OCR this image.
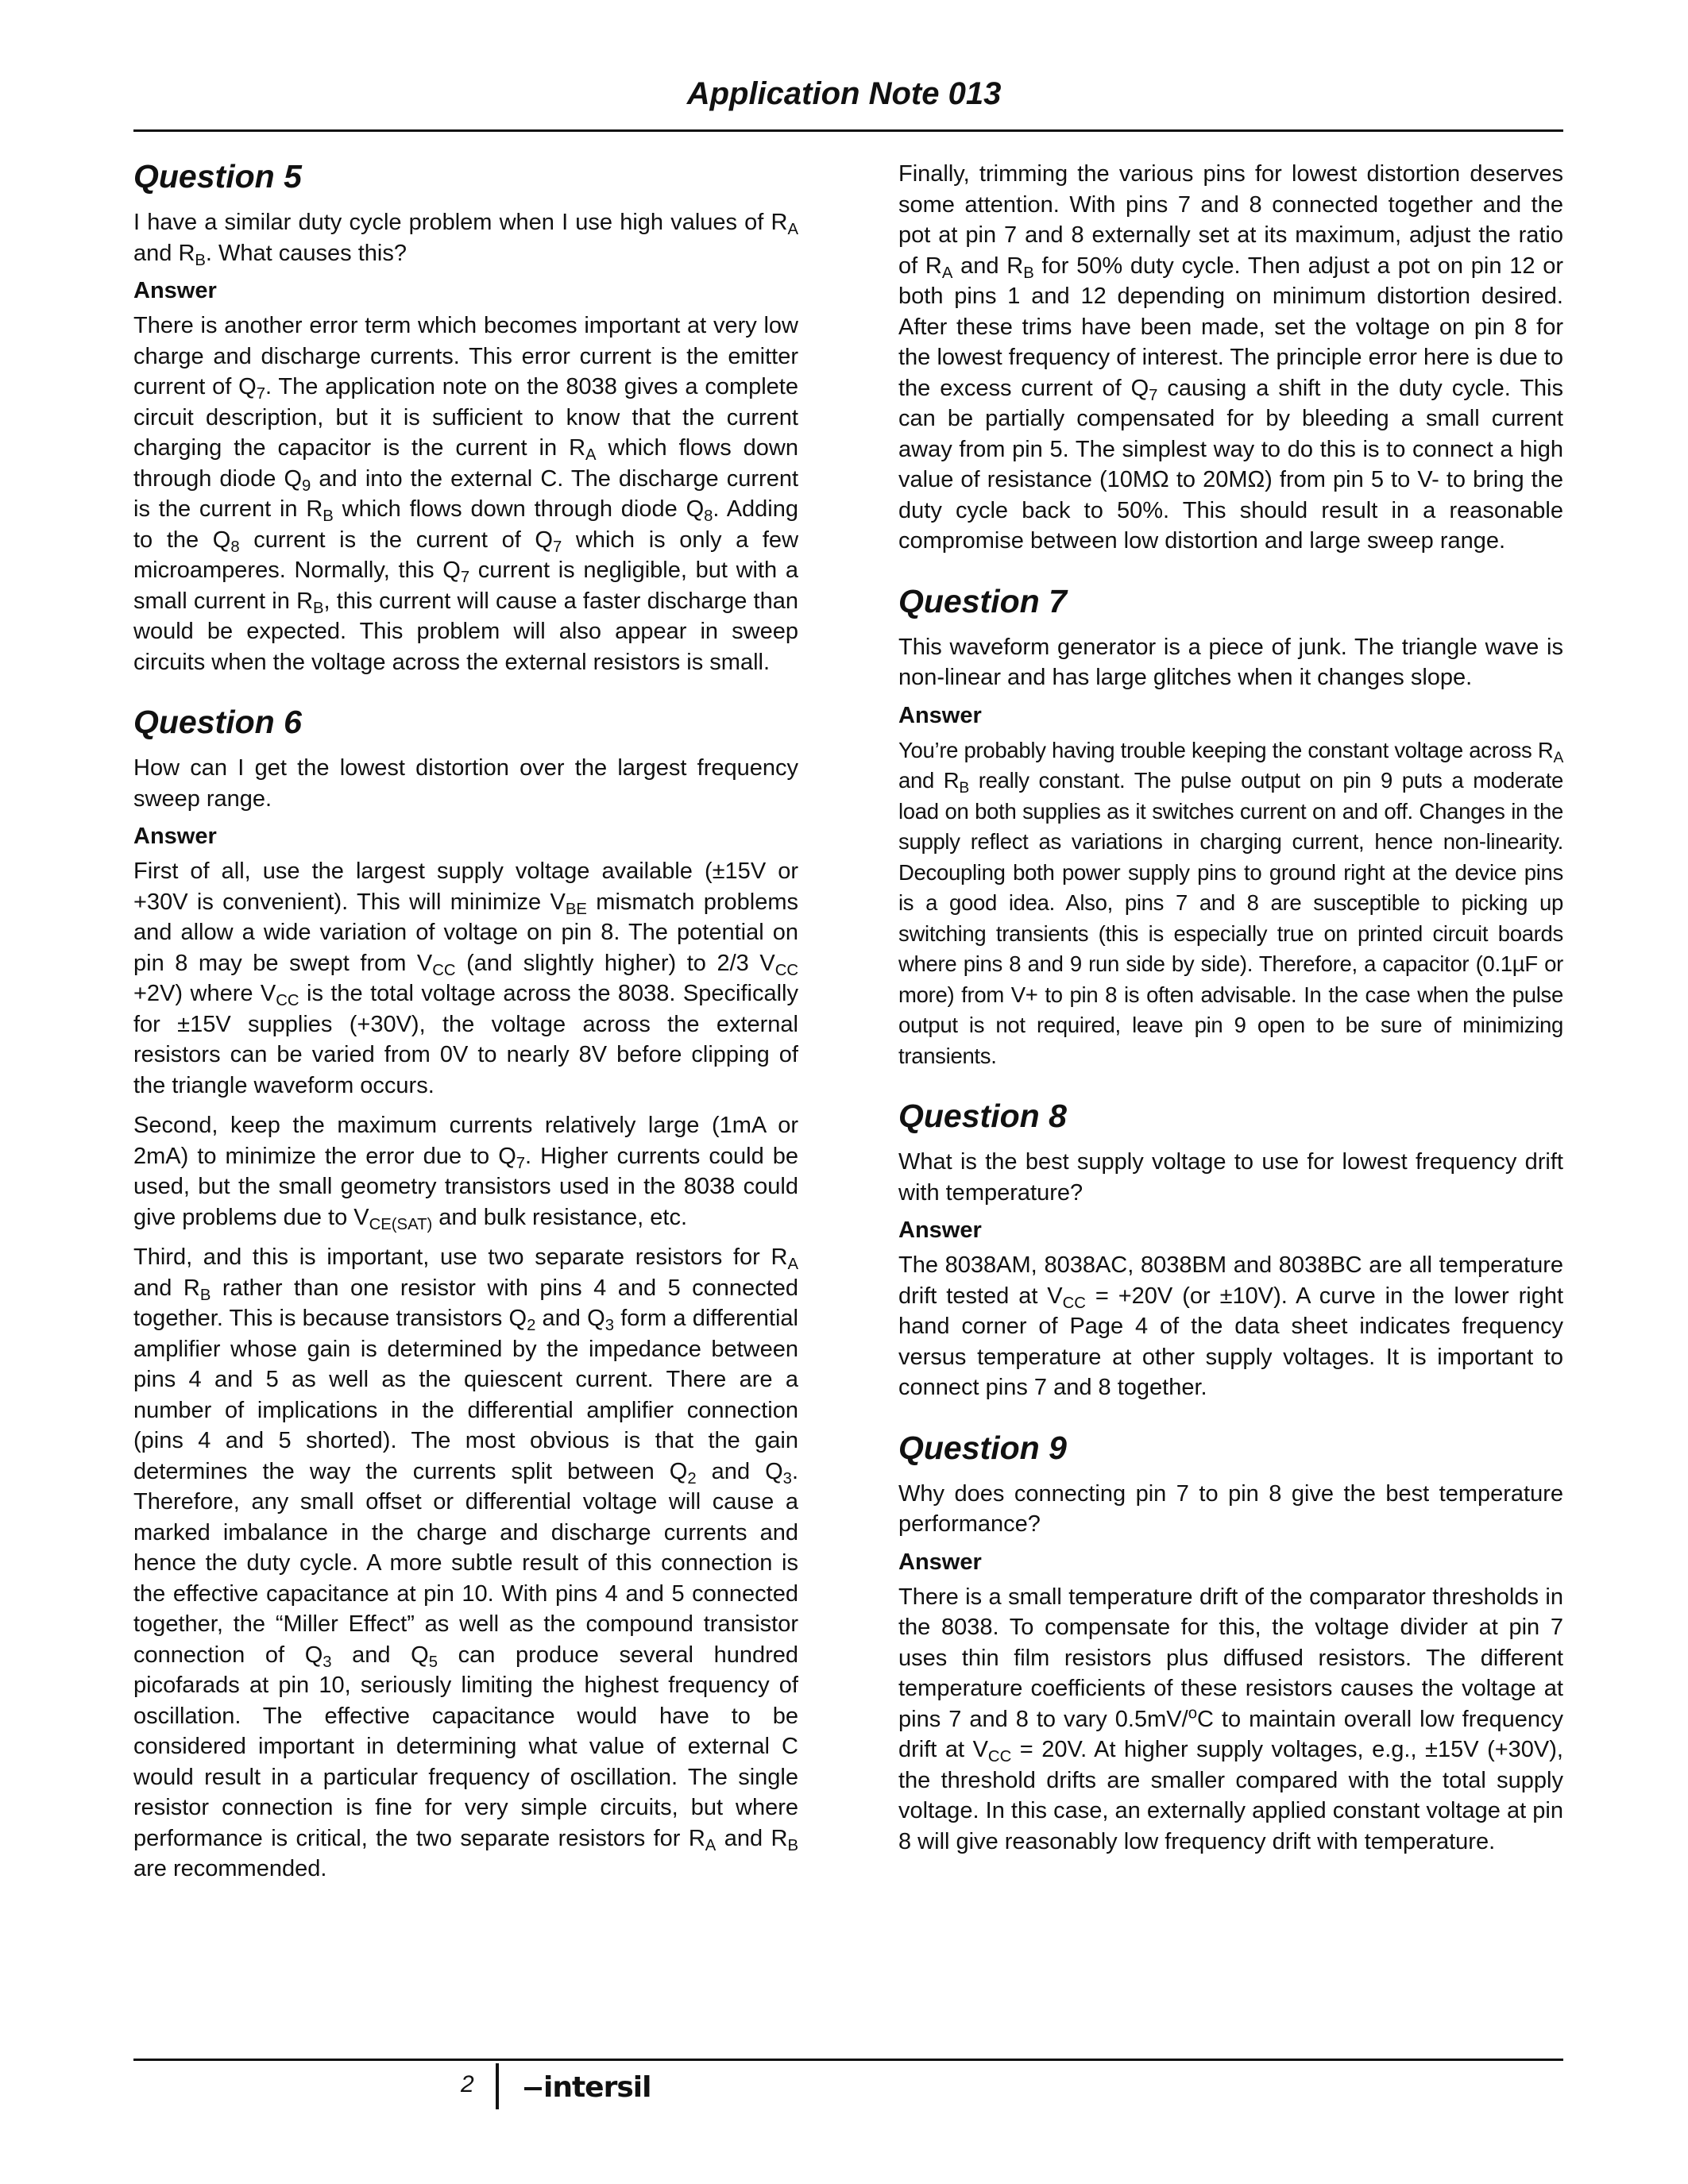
Application Note 013
Question 5

I have a similar duty cycle problem when I use high values of $R_A$ and $R_B$. What causes this?

Answer

There is another error term which becomes important at very low charge and discharge currents. This error current is the emitter current of $Q_7$. The application note on the 8038 gives a complete circuit description, but it is sufficient to know that the current charging the capacitor is the current in $R_A$ which flows down through diode $Q_9$ and into the external C. The discharge current is the current in $R_B$ which flows down through diode $Q_8$. Adding to the $Q_8$ current is the current of $Q_7$ which is only a few microamperes. Normally, this $Q_7$ current is negligible, but with a small current in $R_B$, this current will cause a faster discharge than would be expected. This problem will also appear in sweep circuits when the voltage across the external resistors is small.

Question 6

How can I get the lowest distortion over the largest frequency sweep range.

Answer

First of all, use the largest supply voltage available (±15V or +30V is convenient). This will minimize $V_{BE}$ mismatch problems and allow a wide variation of voltage on pin 8. The potential on pin 8 may be swept from $V_{CC}$ (and slightly higher) to 2/3 $V_{CC} +2V$) where $V_{CC}$ is the total voltage across the 8038. Specifically for ±15V supplies (+30V), the voltage across the external resistors can be varied from 0V to nearly 8V before clipping of the triangle waveform occurs.

Second, keep the maximum currents relatively large (1mA or 2mA) to minimize the error due to $Q_7$. Higher currents could be used, but the small geometry transistors used in the 8038 could give problems due to $V_{CE(SAT)}$ and bulk resistance, etc.

Third, and this is important, use two separate resistors for $R_A$ and $R_B$ rather than one resistor with pins 4 and 5 connected together. This is because transistors $Q_2$ and $Q_3$ form a differential amplifier whose gain is determined by the impedance between pins 4 and 5 as well as the quiescent current. There are a number of implications in the differential amplifier connection (pins 4 and 5 shorted). The most obvious is that the gain determines the way the currents split between $Q_2$ and $Q_3$. Therefore, any small offset or differential voltage will cause a marked imbalance in the charge and discharge currents and hence the duty cycle. A more subtle result of this connection is the effective capacitance at pin 10. With pins 4 and 5 connected together, the “Miller Effect” as well as the compound transistor connection of $Q_3$ and $Q_5$ can produce several hundred picofarads at pin 10, seriously limiting the highest frequency of oscillation. The effective capacitance would have to be considered important in determining what value of external C would result in a particular frequency of oscillation. The single resistor connection is fine for very simple circuits, but where performance is critical, the two separate resistors for $R_A$ and $R_B$ are recommended.

Finally, trimming the various pins for lowest distortion deserves some attention. With pins 7 and 8 connected together and the pot at pin 7 and 8 externally set at its maximum, adjust the ratio of $R_A$ and $R_B$ for 50% duty cycle. Then adjust a pot on pin 12 or both pins 1 and 12 depending on minimum distortion desired. After these trims have been made, set the voltage on pin 8 for the lowest frequency of interest. The principle error here is due to the excess current of $Q_7$ causing a shift in the duty cycle. This can be partially compensated for by bleeding a small current away from pin 5. The simplest way to do this is to connect a high value of resistance (10MΩ to 20MΩ) from pin 5 to V- to bring the duty cycle back to 50%. This should result in a reasonable compromise between low distortion and large sweep range.

Question 7

This waveform generator is a piece of junk. The triangle wave is non-linear and has large glitches when it changes slope.

Answer

You’re probably having trouble keeping the constant voltage across $R_A$ and $R_B$ really constant. The pulse output on pin 9 puts a moderate load on both supplies as it switches current on and off. Changes in the supply reflect as variations in charging current, hence non-linearity. Decoupling both power supply pins to ground right at the device pins is a good idea. Also, pins 7 and 8 are susceptible to picking up switching transients (this is especially true on printed circuit boards where pins 8 and 9 run side by side). Therefore, a capacitor (0.1µF or more) from V+ to pin 8 is often advisable. In the case when the pulse output is not required, leave pin 9 open to be sure of minimizing transients.

Question 8

What is the best supply voltage to use for lowest frequency drift with temperature?

Answer

The 8038AM, 8038AC, 8038BM and 8038BC are all temperature drift tested at $V_{CC} = +20V$ (or ±10V). A curve in the lower right hand corner of Page 4 of the data sheet indicates frequency versus temperature at other supply voltages. It is important to connect pins 7 and 8 together.

Question 9

Why does connecting pin 7 to pin 8 give the best temperature performance?

Answer

There is a small temperature drift of the comparator thresholds in the 8038. To compensate for this, the voltage divider at pin 7 uses thin film resistors plus diffused resistors. The different temperature coefficients of these resistors causes the voltage at pins 7 and 8 to vary 0.5mV/$^o$C to maintain overall low frequency drift at $V_{CC} = 20V$. At higher supply voltages, e.g., ±15V (+30V), the threshold drifts are smaller compared with the total supply voltage. In this case, an externally applied constant voltage at pin 8 will give reasonably low frequency drift with temperature.

2	intersil
